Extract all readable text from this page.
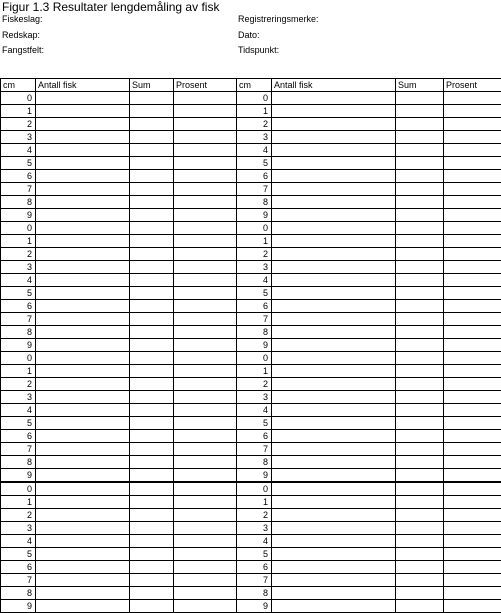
Figur 1.3 Resultater lengdemåling av fisk
Fiskeslag:
Redskap:
Fangstfelt:
Registreringsmerke:
Dato:
Tidspunkt:
cm	Antall fisk	Sum	Prosent	cm	Antall fisk	Sum	Prosent
0				0			
1				1			
2				2			
3				3			
4				4			
5				5			
6				6			
7				7			
8				8			
9				9			
0				0			
1				1			
2				2			
3				3			
4				4			
5				5			
6				6			
7				7			
8				8			
9				9			
0				0			
1				1			
2				2			
3				3			
4				4			
5				5			
6				6			
7				7			
8				8			
9				9			
0				0			
1				1			
2				2			
3				3			
4				4			
5				5			
6				6			
7				7			
8				8			
9				9			
